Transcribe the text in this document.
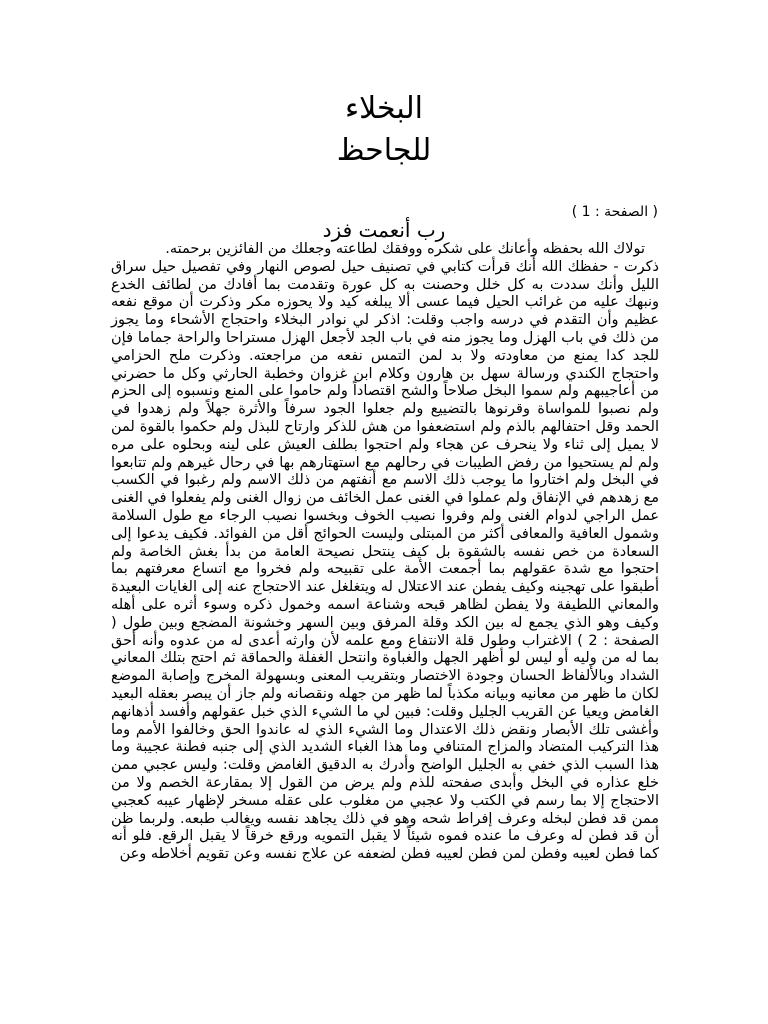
البخلاء
للجاحظ
( الصفحة : 1 )
رب أنعمت فزد

تولاك الله بحفظه وأعانك على شكره ووفقك لطاعته وجعلك من الفائزين برحمته.

ذكرت - حفظك الله أنك قرأت كتابي في تصنيف حيل لصوص النهار وفي تفصيل حيل سراق الليل وأنك سددت به كل خلل وحصنت به كل عورة وتقدمت بما أفادك من لطائف الخدع ونبهك عليه من غرائب الحيل فيما عسى ألا يبلغه كيد ولا يحوزه مكر وذكرت أن موقع نفعه عظيم وأن التقدم في درسه واجب وقلت: اذكر لي نوادر البخلاء واحتجاج الأشحاء وما يجوز من ذلك في باب الهزل وما يجوز منه في باب الجد لأجعل الهزل مستراحا والراحة جماما فإن للجد كدا يمنع من معاودته ولا بد لمن التمس نفعه من مراجعته. وذكرت ملح الحزامي واحتجاج الكندي ورسالة سهل بن هارون وكلام ابن غزوان وخطبة الحارثي وكل ما حضرني من أعاجيبهم ولم سموا البخل صلاحاً والشح اقتصاداً ولم حاموا على المنع ونسبوه إلى الحزم ولم نصبوا للمواساة وقرنوها بالتضييع ولم جعلوا الجود سرفاً والأثرة جهلاً ولم زهدوا في الحمد وقل احتفالهم بالذم ولم استضعفوا من هش للذكر وارتاح للبذل ولم حكموا بالقوة لمن لا يميل إلى ثناء ولا ينحرف عن هجاء ولم احتجوا بطلف العيش على لينه وبحلوه على مره ولم لم يستحيوا من رفض الطيبات في رحالهم مع استهتارهم بها في رحال غيرهم ولم تتابعوا في البخل ولم اختاروا ما يوجب ذلك الاسم مع أنفتهم من ذلك الاسم ولم رغبوا في الكسب مع زهدهم في الإنفاق ولم عملوا في الغنى عمل الخائف من زوال الغنى ولم يفعلوا في الغنى عمل الراجي لدوام الغنى ولم وفروا نصيب الخوف وبخسوا نصيب الرجاء مع طول السلامة وشمول العافية والمعافى أكثر من المبتلى وليست الحوائج أقل من الفوائد. فكيف يدعوا إلى السعادة من خص نفسه بالشقوة بل كيف ينتحل نصيحة العامة من بدأ بغش الخاصة ولم احتجوا مع شدة عقولهم بما أجمعت الأمة على تقبيحه ولم فخروا مع اتساع معرفتهم بما أطبقوا على تهجينه وكيف يفطن عند الاعتلال له ويتغلغل عند الاحتجاج عنه إلى الغايات البعيدة والمعاني اللطيفة ولا يفطن لظاهر قبحه وشناعة اسمه وخمول ذكره وسوء أثره على أهله وكيف وهو الذي يجمع له بين الكد وقلة المرفق وبين السهر وخشونة المضجع وبين طول ( الصفحة : 2 ) الاغتراب وطول قلة الانتفاع ومع علمه لأن وارثه أعدى له من عدوه وأنه أحق بما له من وليه أو ليس لو أظهر الجهل والغباوة وانتحل الغفلة والحماقة ثم احتج بتلك المعاني الشداد وبالألفاظ الحسان وجودة الاختصار وبتقريب المعنى وبسهولة المخرج وإصابة الموضع لكان ما ظهر من معانيه وبيانه مكذباً لما ظهر من جهله ونقصانه ولم جاز أن يبصر بعقله البعيد الغامض ويعيا عن القريب الجليل وقلت: فبين لي ما الشيء الذي خبل عقولهم وأفسد أذهانهم وأغشى تلك الأبصار ونقض ذلك الاعتدال وما الشيء الذي له عاندوا الحق وخالفوا الأمم وما هذا التركيب المتضاد والمزاج المتنافي وما هذا الغباء الشديد الذي إلى جنبه فطنة عجيبة وما هذا السبب الذي خفي به الجليل الواضح وأدرك به الدقيق الغامض وقلت: وليس عجبي ممن خلع عذاره في البخل وأبدى صفحته للذم ولم يرض من القول إلا بمقارعة الخصم ولا من الاحتجاج إلا بما رسم في الكتب ولا عجبي من مغلوب على عقله مسخر لإظهار عيبه كعجبي ممن قد فطن لبخله وعرف إفراط شحه وهو في ذلك يجاهد نفسه ويغالب طبعه. ولربما ظن أن قد فطن له وعرف ما عنده فموه شيئاً لا يقبل التمويه ورقع خرقاً لا يقبل الرقع. فلو أنه كما فطن لعيبه وفطن لمن فطن لعيبه فطن لضعفه عن علاج نفسه وعن تقويم أخلاطه وعن
